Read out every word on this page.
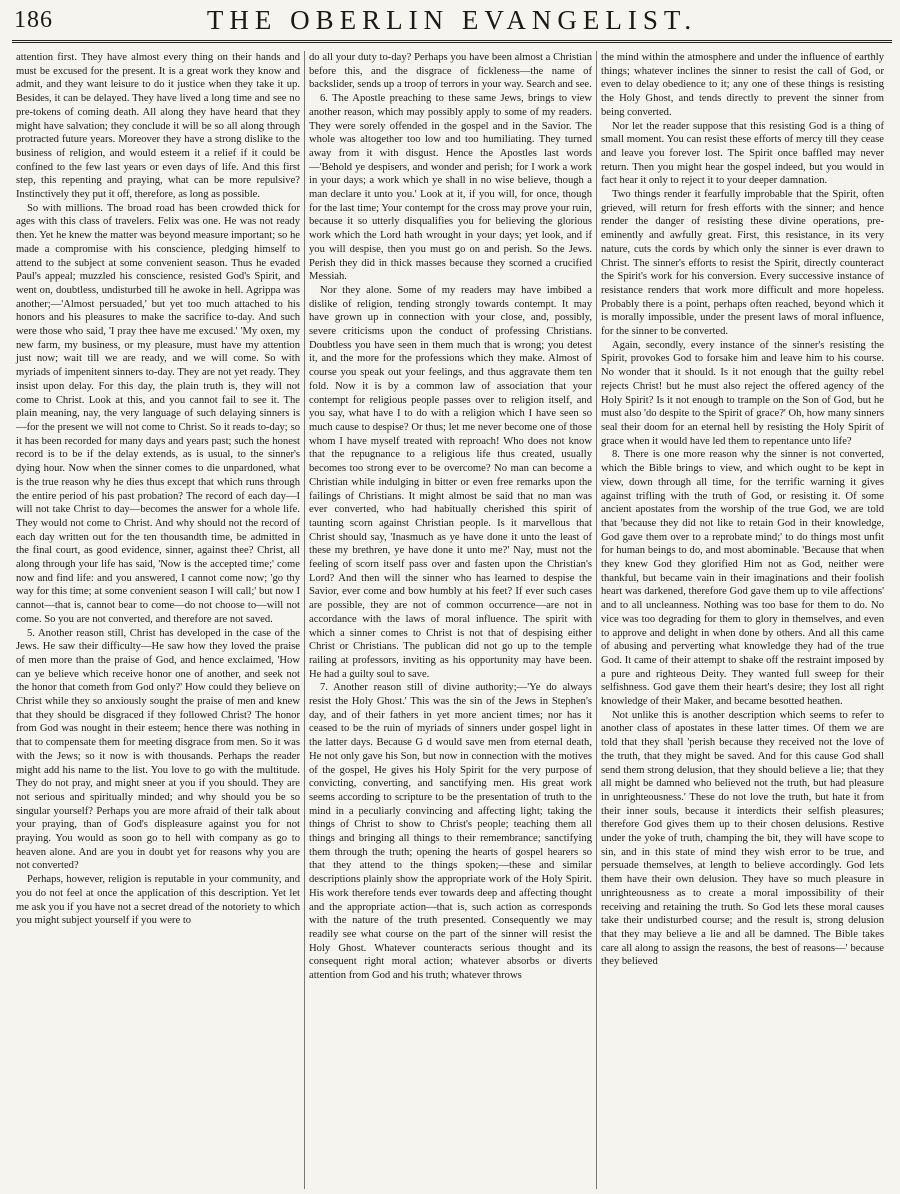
186	THE OBERLIN EVANGELIST.

attention first. They have almost every thing on their hands and must be excused for the present. It is a great work they know and admit, and they want leisure to do it justice when they take it up. Besides, it can be delayed. They have lived a long time and see no pre-tokens of coming death. All along they have heard that they might have salvation; they conclude it will be so all along through protracted future years. Moreover they have a strong dislike to the business of religion, and would esteem it a relief if it could be confined to the few last years or even days of life. And this first step, this repenting and praying, what can be more repulsive? Instinctively they put it off, therefore, as long as possible.

So with millions. The broad road has been crowded thick for ages with this class of travelers. Felix was one. He was not ready then. Yet he knew the matter was beyond measure important; so he made a compromise with his conscience, pledging himself to attend to the subject at some convenient season. Thus he evaded Paul's appeal; muzzled his conscience, resisted God's Spirit, and went on, doubtless, undisturbed till he awoke in hell. Agrippa was another;—'Almost persuaded,' but yet too much attached to his honors and his pleasures to make the sacrifice to-day. And such were those who said, 'I pray thee have me excused.' 'My oxen, my new farm, my business, or my pleasure, must have my attention just now; wait till we are ready, and we will come. So with myriads of impenitent sinners to-day. They are not yet ready. They insist upon delay. For this day, the plain truth is, they will not come to Christ. Look at this, and you cannot fail to see it. The plain meaning, nay, the very language of such delaying sinners is—for the present we will not come to Christ. So it reads to-day; so it has been recorded for many days and years past; such the honest record is to be if the delay extends, as is usual, to the sinner's dying hour. Now when the sinner comes to die unpardoned, what is the true reason why he dies thus except that which runs through the entire period of his past probation? The record of each day—I will not take Christ to day—becomes the answer for a whole life. They would not come to Christ. And why should not the record of each day written out for the ten thousandth time, be admitted in the final court, as good evidence, sinner, against thee? Christ, all along through your life has said, 'Now is the accepted time;' come now and find life: and you answered, I cannot come now; 'go thy way for this time; at some convenient season I will call;' but now I cannot—that is, cannot bear to come—do not choose to—will not come. So you are not converted, and therefore are not saved.

5. Another reason still, Christ has developed in the case of the Jews. He saw their difficulty—He saw how they loved the praise of men more than the praise of God, and hence exclaimed, 'How can ye believe which receive honor one of another, and seek not the honor that cometh from God only?' How could they believe on Christ while they so anxiously sought the praise of men and knew that they should be disgraced if they followed Christ? The honor from God was nought in their esteem; hence there was nothing in that to compensate them for meeting disgrace from men. So it was with the Jews; so it now is with thousands. Perhaps the reader might add his name to the list. You love to go with the multitude. They do not pray, and might sneer at you if you should. They are not serious and spiritually minded; and why should you be so singular yourself? Perhaps you are more afraid of their talk about your praying, than of God's displeasure against you for not praying. You would as soon go to hell with company as go to heaven alone. And are you in doubt yet for reasons why you are not converted?

Perhaps, however, religion is reputable in your community, and you do not feel at once the application of this description. Yet let me ask you if you have not a secret dread of the notoriety to which you might subject yourself if you were to

do all your duty to-day? Perhaps you have been almost a Christian before this, and the disgrace of fickleness—the name of backslider, sends up a troop of terrors in your way. Search and see.

6. The Apostle preaching to these same Jews, brings to view another reason, which may possibly apply to some of my readers. They were sorely offended in the gospel and in the Savior. The whole was altogether too low and too humiliating. They turned away from it with disgust. Hence the Apostles last words—'Behold ye despisers, and wonder and perish; for I work a work in your days; a work which ye shall in no wise believe, though a man declare it unto you.' Look at it, if you will, for once, though for the last time; Your contempt for the cross may prove your ruin, because it so utterly disqualifies you for believing the glorious work which the Lord hath wrought in your days; yet look, and if you will despise, then you must go on and perish. So the Jews. Perish they did in thick masses because they scorned a crucified Messiah.

Nor they alone. Some of my readers may have imbibed a dislike of religion, tending strongly towards contempt. It may have grown up in connection with your close, and, possibly, severe criticisms upon the conduct of professing Christians. Doubtless you have seen in them much that is wrong; you detest it, and the more for the professions which they make. Almost of course you speak out your feelings, and thus aggravate them ten fold. Now it is by a common law of association that your contempt for religious people passes over to religion itself, and you say, what have I to do with a religion which I have seen so much cause to despise? Or thus; let me never become one of those whom I have myself treated with reproach! Who does not know that the repugnance to a religious life thus created, usually becomes too strong ever to be overcome? No man can become a Christian while indulging in bitter or even free remarks upon the failings of Christians. It might almost be said that no man was ever converted, who had habitually cherished this spirit of taunting scorn against Christian people. Is it marvellous that Christ should say, 'Inasmuch as ye have done it unto the least of these my brethren, ye have done it unto me?' Nay, must not the feeling of scorn itself pass over and fasten upon the Christian's Lord? And then will the sinner who has learned to despise the Savior, ever come and bow humbly at his feet? If ever such cases are possible, they are not of common occurrence—are not in accordance with the laws of moral influence. The spirit with which a sinner comes to Christ is not that of despising either Christ or Christians. The publican did not go up to the temple railing at professors, inviting as his opportunity may have been. He had a guilty soul to save.

7. Another reason still of divine authority;—'Ye do always resist the Holy Ghost.' This was the sin of the Jews in Stephen's day, and of their fathers in yet more ancient times; nor has it ceased to be the ruin of myriads of sinners under gospel light in the latter days. Because G d would save men from eternal death, He not only gave his Son, but now in connection with the motives of the gospel, He gives his Holy Spirit for the very purpose of convicting, converting, and sanctifying men. His great work seems according to scripture to be the presentation of truth to the mind in a peculiarly convincing and affecting light; taking the things of Christ to show to Christ's people; teaching them all things and bringing all things to their remembrance; sanctifying them through the truth; opening the hearts of gospel hearers so that they attend to the things spoken;—these and similar descriptions plainly show the appropriate work of the Holy Spirit. His work therefore tends ever towards deep and affecting thought and the appropriate action—that is, such action as corresponds with the nature of the truth presented. Consequently we may readily see what course on the part of the sinner will resist the Holy Ghost. Whatever counteracts serious thought and its consequent right moral action; whatever absorbs or diverts attention from God and his truth; whatever throws

the mind within the atmosphere and under the influence of earthly things; whatever inclines the sinner to resist the call of God, or even to delay obedience to it; any one of these things is resisting the Holy Ghost, and tends directly to prevent the sinner from being converted.

Nor let the reader suppose that this resisting God is a thing of small moment. You can resist these efforts of mercy till they cease and leave you forever lost. The Spirit once baffled may never return. Then you might hear the gospel indeed, but you would in fact hear it only to reject it to your deeper damnation.

Two things render it fearfully improbable that the Spirit, often grieved, will return for fresh efforts with the sinner; and hence render the danger of resisting these divine operations, pre-eminently and awfully great. First, this resistance, in its very nature, cuts the cords by which only the sinner is ever drawn to Christ. The sinner's efforts to resist the Spirit, directly counteract the Spirit's work for his conversion. Every successive instance of resistance renders that work more difficult and more hopeless. Probably there is a point, perhaps often reached, beyond which it is morally impossible, under the present laws of moral influence, for the sinner to be converted.

Again, secondly, every instance of the sinner's resisting the Spirit, provokes God to forsake him and leave him to his course. No wonder that it should. Is it not enough that the guilty rebel rejects Christ! but he must also reject the offered agency of the Holy Spirit? Is it not enough to trample on the Son of God, but he must also 'do despite to the Spirit of grace?' Oh, how many sinners seal their doom for an eternal hell by resisting the Holy Spirit of grace when it would have led them to repentance unto life?

8. There is one more reason why the sinner is not converted, which the Bible brings to view, and which ought to be kept in view, down through all time, for the terrific warning it gives against trifling with the truth of God, or resisting it. Of some ancient apostates from the worship of the true God, we are told that 'because they did not like to retain God in their knowledge, God gave them over to a reprobate mind;' to do things most unfit for human beings to do, and most abominable. 'Because that when they knew God they glorified Him not as God, neither were thankful, but became vain in their imaginations and their foolish heart was darkened, therefore God gave them up to vile affections' and to all uncleanness. Nothing was too base for them to do. No vice was too degrading for them to glory in themselves, and even to approve and delight in when done by others. And all this came of abusing and perverting what knowledge they had of the true God. It came of their attempt to shake off the restraint imposed by a pure and righteous Deity. They wanted full sweep for their selfishness. God gave them their heart's desire; they lost all right knowledge of their Maker, and became besotted heathen.

Not unlike this is another description which seems to refer to another class of apostates in these latter times. Of them we are told that they shall 'perish because they received not the love of the truth, that they might be saved. And for this cause God shall send them strong delusion, that they should believe a lie; that they all might be damned who believed not the truth, but had pleasure in unrighteousness.' These do not love the truth, but hate it from their inner souls, because it interdicts their selfish pleasures; therefore God gives them up to their chosen delusions. Restive under the yoke of truth, champing the bit, they will have scope to sin, and in this state of mind they wish error to be true, and persuade themselves, at length to believe accordingly. God lets them have their own delusion. They have so much pleasure in unrighteousness as to create a moral impossibility of their receiving and retaining the truth. So God lets these moral causes take their undisturbed course; and the result is, strong delusion that they may believe a lie and all be damned. The Bible takes care all along to assign the reasons, the best of reasons—' because they believed
